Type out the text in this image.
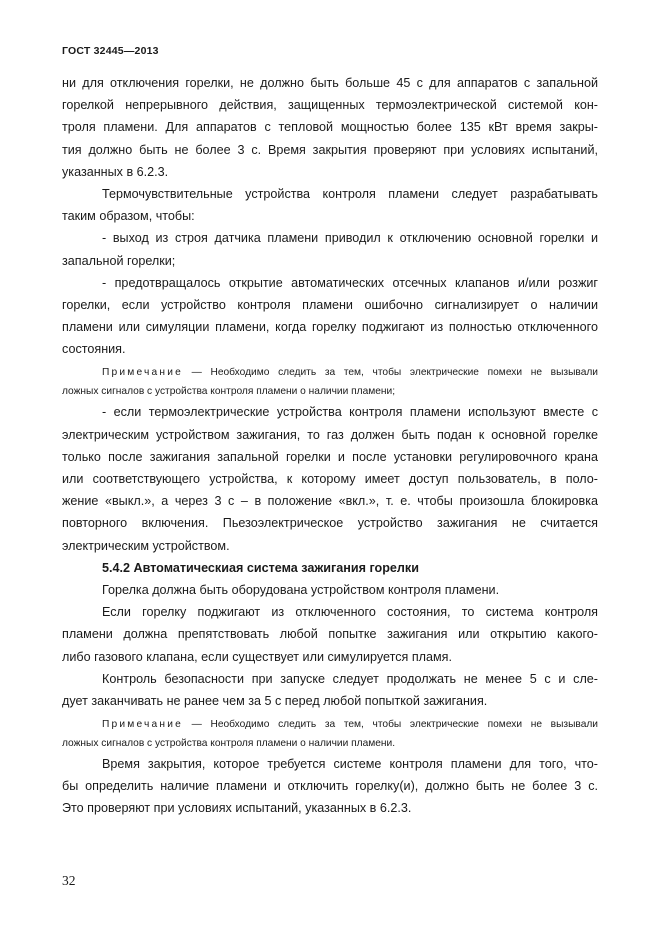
ГОСТ 32445—2013
ни для отключения горелки, не должно быть больше 45 с для аппаратов с запальной
горелкой непрерывного действия, защищенных термоэлектрической системой кон-
троля пламени. Для аппаратов с тепловой мощностью более 135 кВт время закры-
тия должно быть не более 3 с. Время закрытия проверяют при условиях испытаний,
указанных в 6.2.3.
Термочувствительные устройства контроля пламени следует разрабатывать
таким образом, чтобы:
- выход из строя датчика пламени приводил к отключению основной горелки и
запальной горелки;
- предотвращалось открытие автоматических отсечных клапанов и/или розжиг
горелки, если устройство контроля пламени ошибочно сигнализирует о наличии
пламени или симуляции пламени, когда горелку поджигают из полностью отключенного
состояния.
Примечание — Необходимо следить за тем, чтобы электрические помехи не вызывали
ложных сигналов с устройства контроля пламени о наличии пламени;
- если термоэлектрические устройства контроля пламени используют вместе с
электрическим устройством зажигания, то газ должен быть подан к основной горелке
только после зажигания запальной горелки и после установки регулировочного крана
или соответствующего устройства, к которому имеет доступ пользователь, в поло-
жение «выкл.», а через 3 с – в положение «вкл.», т. е. чтобы произошла блокировка
повторного включения. Пьезоэлектрическое устройство зажигания не считается
электрическим устройством.
5.4.2 Автоматическиая система зажигания горелки
Горелка должна быть оборудована устройством контроля пламени.
Если горелку поджигают из отключенного состояния, то система контроля
пламени должна препятствовать любой попытке зажигания или открытию какого-
либо газового клапана, если существует или симулируется пламя.
Контроль безопасности при запуске следует продолжать не менее 5 с и сле-
дует заканчивать не ранее чем за 5 с перед любой попыткой зажигания.
Примечание — Необходимо следить за тем, чтобы электрические помехи не вызывали
ложных сигналов с устройства контроля пламени о наличии пламени.
Время закрытия, которое требуется системе контроля пламени для того, что-
бы определить наличие пламени и отключить горелку(и), должно быть не более 3 с.
Это проверяют при условиях испытаний, указанных в 6.2.3.
32
